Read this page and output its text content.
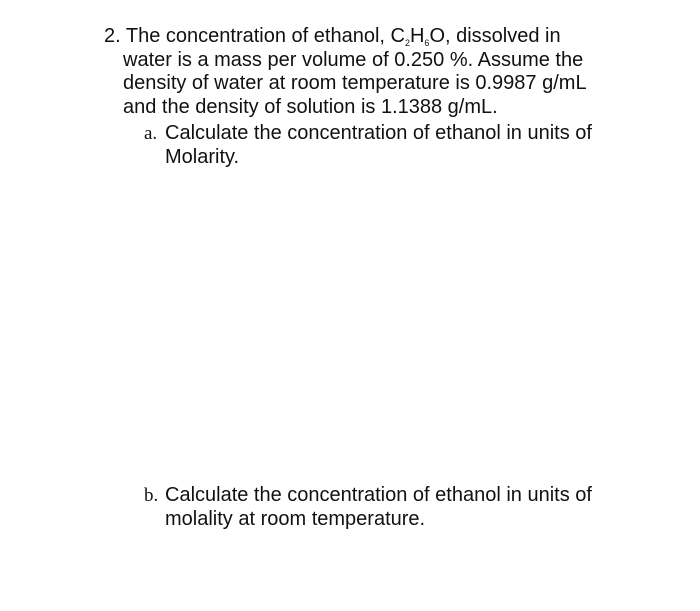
2. The concentration of ethanol, $C_2H_6O$, dissolved in
water is a mass per volume of 0.250 %. Assume the
density of water at room temperature is 0.9987 g/mL
and the density of solution is 1.1388 g/mL.
a. Calculate the concentration of ethanol in units of
Molarity.
b. Calculate the concentration of ethanol in units of
molality at room temperature.
